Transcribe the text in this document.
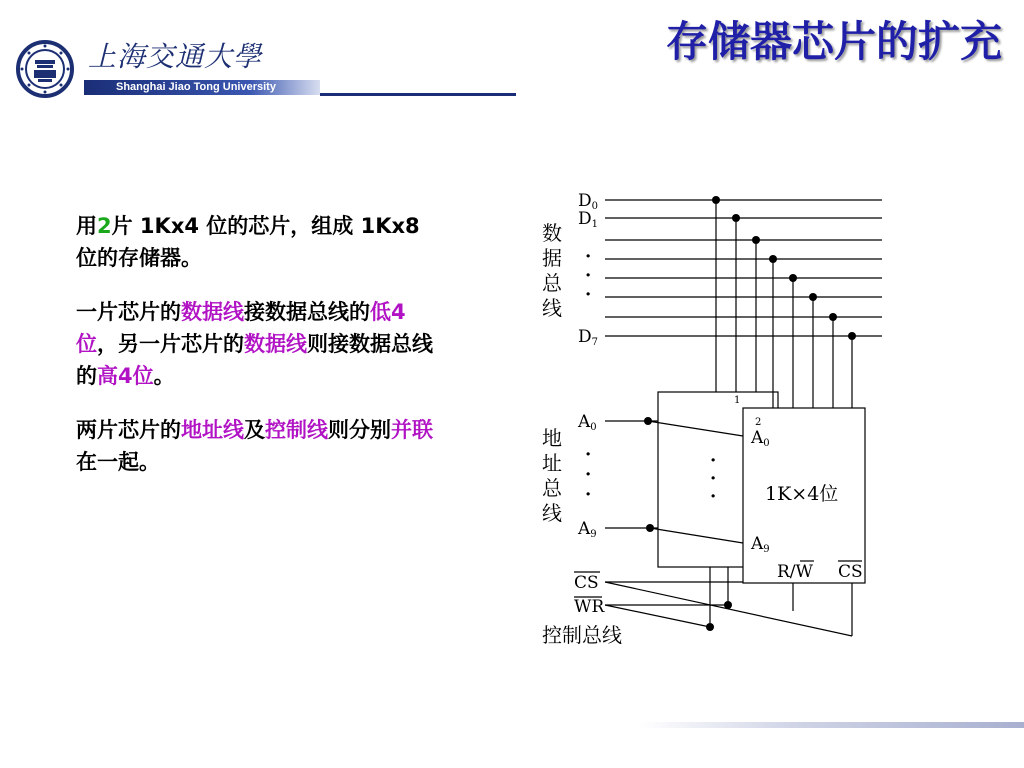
上海交通大學
Shanghai Jiao Tong University
存储器芯片的扩充

用2片 1Kx4 位的芯片，组成 1Kx8 位的存储器。

一片芯片的数据线接数据总线的低4位，另一片芯片的数据线则接数据总线的高4位。

两片芯片的地址线及控制线则分别并联在一起。

D0
D1
D7
·
·
·
数
据
总
线
A0
A9
·
·
·
地
址
总
线
CS
WR
控制总线
1
·
·
·
2
A0
A9
1K×4位
R/W CS
